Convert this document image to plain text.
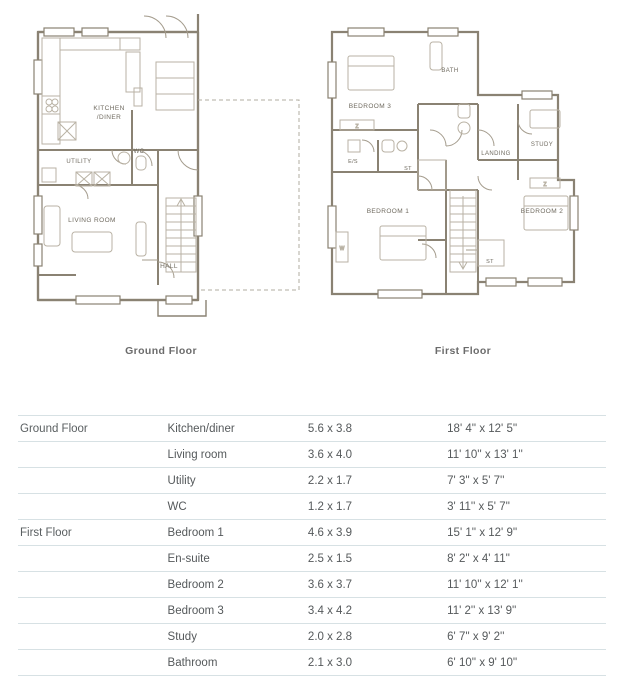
KITCHEN
/DINER
UTILITY
WC
LIVING ROOM
HALL
Z
W
Z
BATH
BEDROOM 3
E/S
ST
ST
LANDING
BEDROOM 1	BEDROOM 2
STUDY
Ground Floor	First Floor
Ground Floor	Kitchen/diner	5.6 x 3.8	18' 4'' x 12' 5''
	Living room	3.6 x 4.0	11' 10'' x 13' 1''
	Utility	2.2 x 1.7	7' 3'' x 5' 7''
	WC	1.2 x 1.7	3' 11'' x 5' 7''
First Floor	Bedroom 1	4.6 x 3.9	15' 1'' x 12' 9''
	En-suite	2.5 x 1.5	8' 2'' x 4' 11''
	Bedroom 2	3.6 x 3.7	11' 10'' x 12' 1''
	Bedroom 3	3.4 x 4.2	11' 2'' x 13' 9''
	Study	2.0 x 2.8	6' 7'' x 9' 2''
	Bathroom	2.1 x 3.0	6' 10'' x 9' 10''
